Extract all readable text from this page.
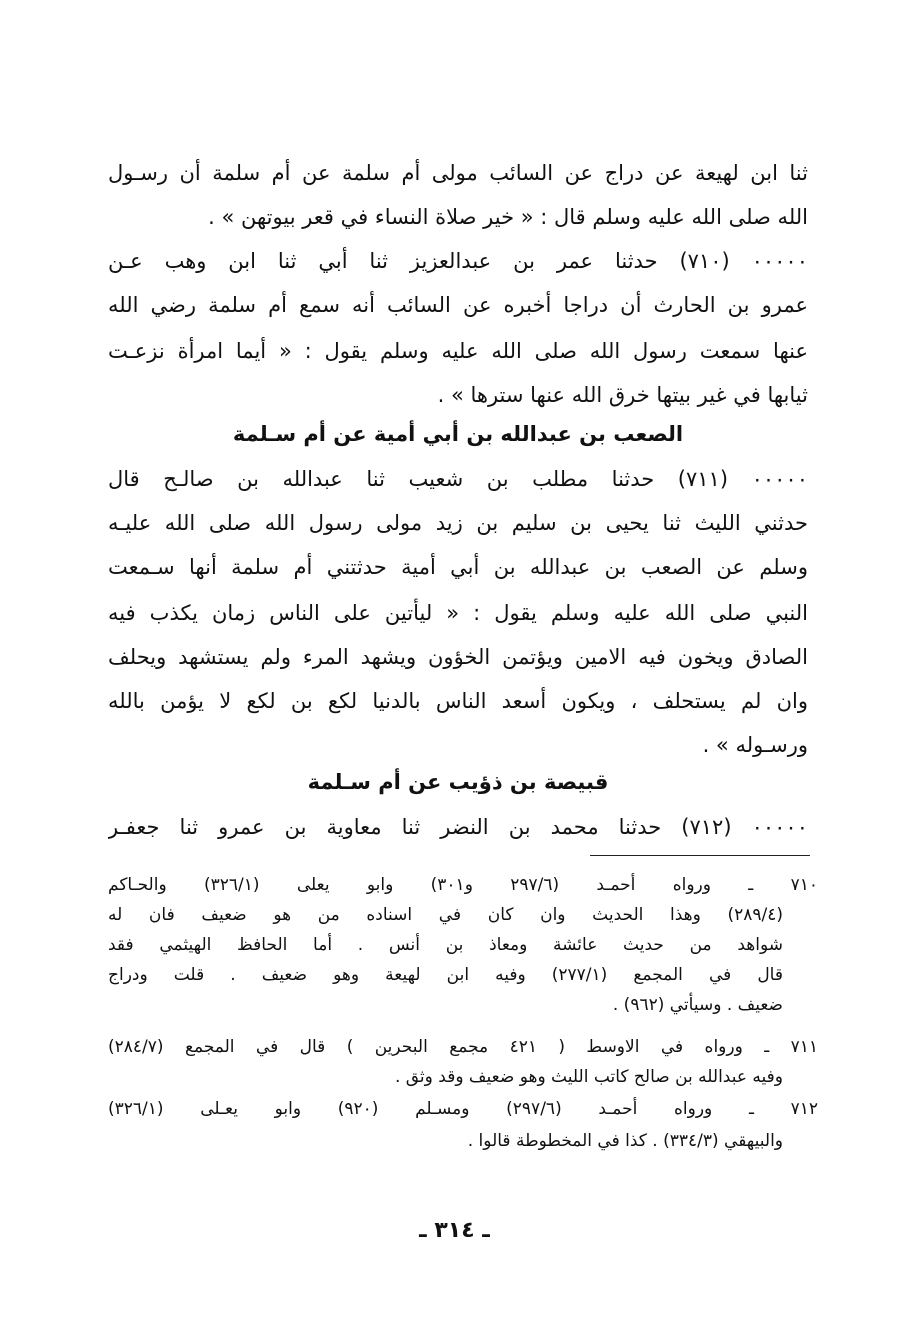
ثنا ابن لهيعة عن دراج عن السائب مولى أم سلمة عن أم سلمة أن رسـول
الله صلى الله عليه وسلم قال : « خير صلاة النساء في قعر بيوتهن » .
٠٠٠٠٠ (٧١٠) حدثنا عمر بن عبدالعزيز ثنا أبي ثنا ابن وهب عـن
عمرو بن الحارث أن دراجا أخبره عن السائب أنه سمع أم سلمة رضي الله
عنها سمعت رسول الله صلى الله عليه وسلم يقول : « أيما امرأة نزعـت
ثيابها في غير بيتها خرق الله عنها سترها » .
الصعب بن عبدالله بن أبي أمية عن أم سـلمة
٠٠٠٠٠ (٧١١) حدثنا مطلب بن شعيب ثنا عبدالله بن صالـح قال
حدثني الليث ثنا يحيى بن سليم بن زيد مولى رسول الله صلى الله عليـه
وسلم عن الصعب بن عبدالله بن أبي أمية حدثتني أم سلمة أنها سـمعت
النبي صلى الله عليه وسلم يقول : « ليأتين على الناس زمان يكذب فيه
الصادق ويخون فيه الامين ويؤتمن الخؤون ويشهد المرء ولم يستشهد ويحلف
وان لم يستحلف ، ويكون أسعد الناس بالدنيا لكع بن لكع لا يؤمن بالله
ورسـوله » .
قبيصة بن ذؤيب عن أم سـلمة
٠٠٠٠٠ (٧١٢) حدثنا محمد بن النضر ثنا معاوية بن عمرو ثنا جعفـر
٧١٠ ـ ورواه أحمـد (٢٩٧/٦ و٣٠١) وابو يعلى (٣٢٦/١) والحـاكم
(٢٨٩/٤) وهذا الحديث وان كان في اسناده من هو ضعيف فان له
شواهد من حديث عائشة ومعاذ بن أنس . أما الحافظ الهيثمي فقد
قال في المجمع (٢٧٧/١) وفيه ابن لهيعة وهو ضعيف . قلت ودراج
ضعيف . وسيأتي (٩٦٢) .
٧١١ ـ ورواه في الاوسط ( ٤٢١ مجمع البحرين ) قال في المجمع (٢٨٤/٧)
وفيه عبدالله بن صالح كاتب الليث وهو ضعيف وقد وثق .
٧١٢ ـ ورواه أحمـد (٢٩٧/٦) ومسـلم (٩٢٠) وابو يعـلى (٣٢٦/١)
والبيهقي (٣٣٤/٣) . كذا في المخطوطة قالوا .
ـ ٣١٤ ـ
